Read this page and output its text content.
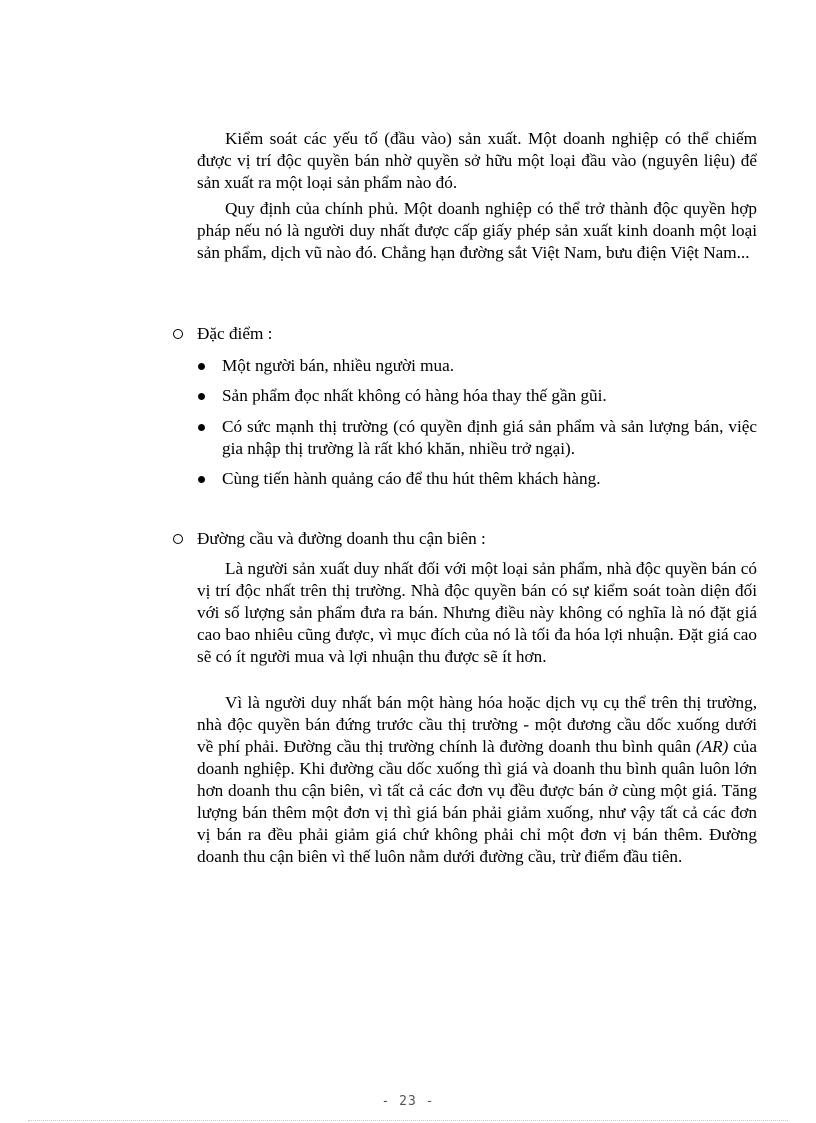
Kiểm soát các yếu tố (đầu vào) sản xuất. Một doanh nghiệp có thể chiếm được vị trí độc quyền bán nhờ quyền sở hữu một loại đầu vào (nguyên liệu) để sản xuất ra một loại sản phẩm nào đó.

Quy định của chính phủ. Một doanh nghiệp có thể trở thành độc quyền hợp pháp nếu nó là người duy nhất được cấp giấy phép sản xuất kinh doanh một loại sản phẩm, dịch vũ nào đó. Chẳng hạn đường sắt Việt Nam, bưu điện Việt Nam...

Đặc điểm :

Một người bán, nhiều người mua.

Sản phẩm đọc nhất không có hàng hóa thay thế gần gũi.

Có sức mạnh thị trường (có quyền định giá sản phẩm và sản lượng bán, việc gia nhập thị trường là rất khó khăn, nhiều trở ngại).

Cùng tiến hành quảng cáo để thu hút thêm khách hàng.

Đường cầu và đường doanh thu cận biên :

Là người sản xuất duy nhất đối với một loại sản phẩm, nhà độc quyền bán có vị trí độc nhất trên thị trường. Nhà độc quyền bán có sự kiểm soát toàn diện đối với số lượng sản phẩm đưa ra bán. Nhưng điều này không có nghĩa là nó đặt giá cao bao nhiêu cũng được, vì mục đích của nó là tối đa hóa lợi nhuận. Đặt giá cao sẽ có ít người mua và lợi nhuận thu được sẽ ít hơn.

Vì là người duy nhất bán một hàng hóa hoặc dịch vụ cụ thể trên thị trường, nhà độc quyền bán đứng trước cầu thị trường - một đương cầu dốc xuống dưới về phí phải. Đường cầu thị trường chính là đường doanh thu bình quân (AR) của doanh nghiệp. Khi đường cầu dốc xuống thì giá và doanh thu bình quân luôn lớn hơn doanh thu cận biên, vì tất cả các đơn vụ đều được bán ở cùng một giá. Tăng lượng bán thêm một đơn vị thì giá bán phải giảm xuống, như vậy tất cả các đơn vị bán ra đều phải giảm giá chứ không phải chỉ một đơn vị bán thêm. Đường doanh thu cận biên vì thế luôn nằm dưới đường cầu, trừ điểm đầu tiên.

- 23 -
